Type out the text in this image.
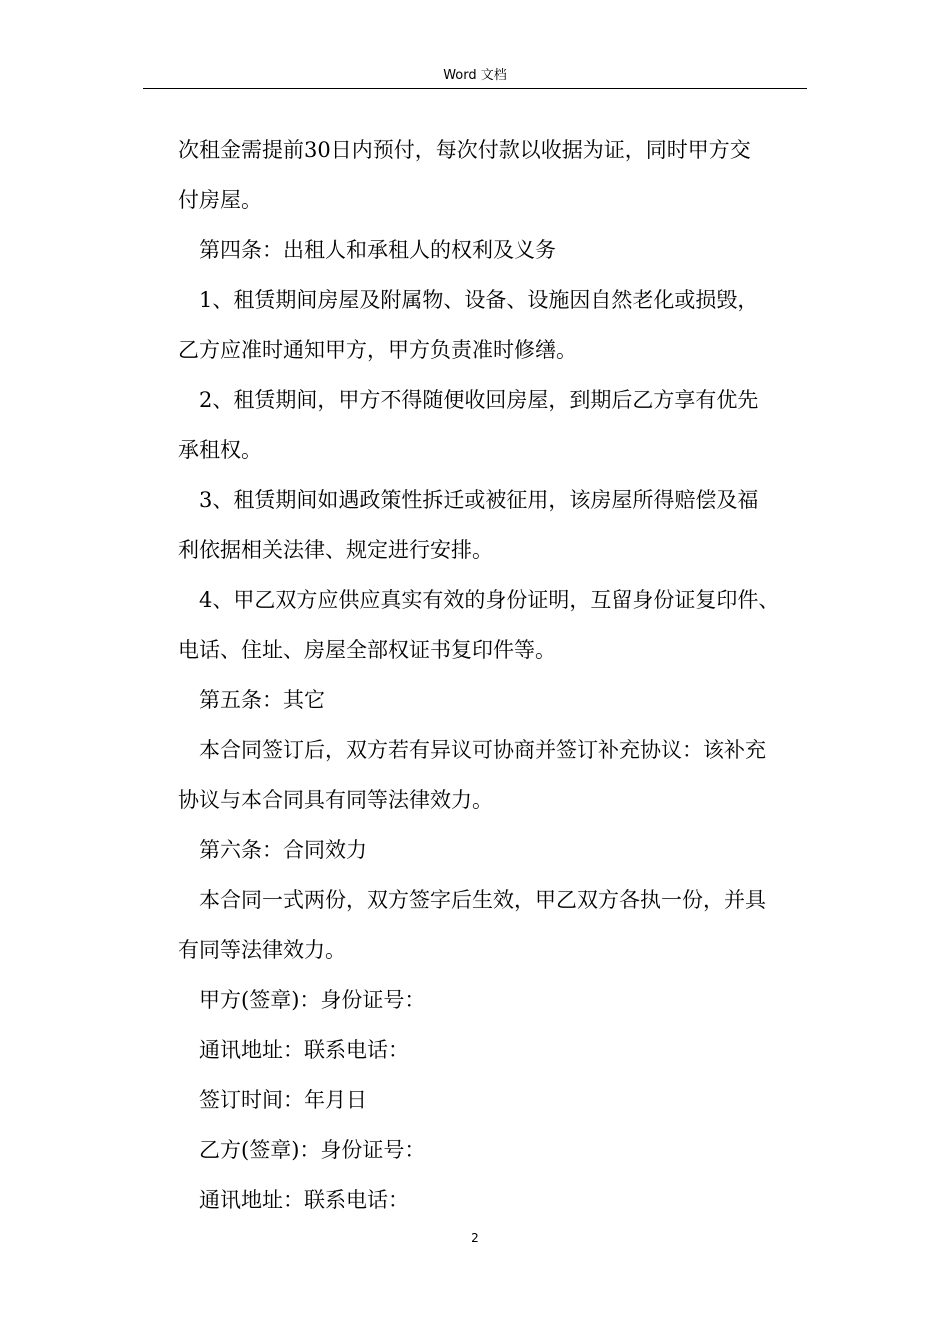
Word 文档
次租金需提前30日内预付，每次付款以收据为证，同时甲方交
付房屋。
第四条：出租人和承租人的权利及义务
1、租赁期间房屋及附属物、设备、设施因自然老化或损毁，
乙方应准时通知甲方，甲方负责准时修缮。
2、租赁期间，甲方不得随便收回房屋，到期后乙方享有优先
承租权。
3、租赁期间如遇政策性拆迁或被征用，该房屋所得赔偿及福
利依据相关法律、规定进行安排。
4、甲乙双方应供应真实有效的身份证明，互留身份证复印件、
电话、住址、房屋全部权证书复印件等。
第五条：其它
本合同签订后，双方若有异议可协商并签订补充协议：该补充
协议与本合同具有同等法律效力。
第六条：合同效力
本合同一式两份，双方签字后生效，甲乙双方各执一份，并具
有同等法律效力。
甲方(签章)：身份证号：
通讯地址：联系电话：
签订时间：年月日
乙方(签章)：身份证号：
通讯地址：联系电话：
2
